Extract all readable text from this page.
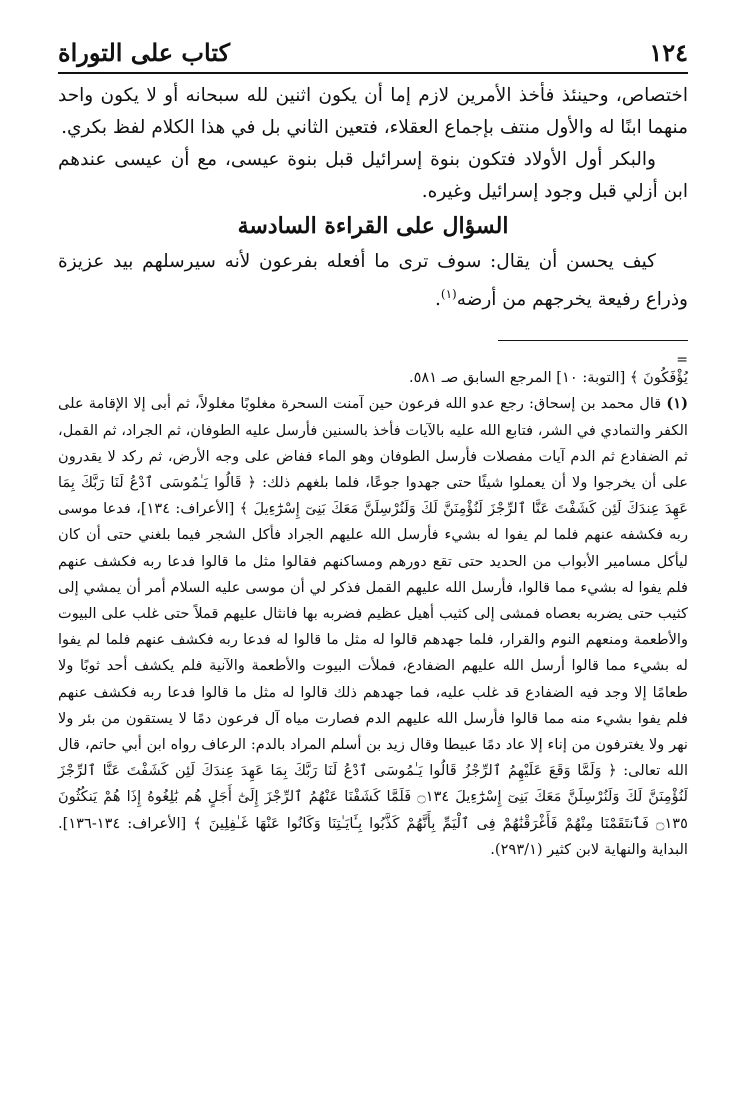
١٢٤
كتاب على التوراة

اختصاص، وحينئذ فأخذ الأمرين لازم إما أن يكون اثنين لله سبحانه أو لا يكون واحد منهما ابنًا له والأول منتف بإجماع العقلاء، فتعين الثاني بل في هذا الكلام لفظ بكري.

والبكر أول الأولاد فتكون بنوة إسرائيل قبل بنوة عيسى، مع أن عيسى عندهم ابن أزلي قبل وجود إسرائيل وغيره.

السؤال على القراءة السادسة

كيف يحسن أن يقال: سوف ترى ما أفعله بفرعون لأنه سيرسلهم بيد عزيزة وذراع رفيعة يخرجهم من أرضه$^{(١)}$.

=

يُؤْفَكُونَ ﴾ [التوبة: ١٠] المرجع السابق صـ ٥٨١.

(١) قال محمد بن إسحاق: رجع عدو الله فرعون حين آمنت السحرة مغلوبًا مغلولاً، ثم أبى إلا الإقامة على الكفر والتمادي في الشر، فتابع الله عليه بالآيات فأخذ بالسنين فأرسل عليه الطوفان، ثم الجراد، ثم القمل، ثم الضفادع ثم الدم آيات مفصلات فأرسل الطوفان وهو الماء ففاض على وجه الأرض، ثم ركد لا يقدرون على أن يخرجوا ولا أن يعملوا شيئًا حتى جهدوا جوعًا، فلما بلغهم ذلك: ﴿ قَالُوا يَـٰمُوسَى ٱدْعُ لَنَا رَبَّكَ بِمَا عَهِدَ عِندَكَ لَئِن كَشَفْتَ عَنَّا ٱلرِّجْزَ لَنُؤْمِنَنَّ لَكَ وَلَنُرْسِلَنَّ مَعَكَ بَنِىٓ إِسْرَٰٓءِيلَ ﴾ [الأعراف: ١٣٤]، فدعا موسى ربه فكشفه عنهم فلما لم يفوا له بشيء فأرسل الله عليهم الجراد فأكل الشجر فيما بلغني حتى أن كان ليأكل مسامير الأبواب من الحديد حتى تقع دورهم ومساكنهم فقالوا مثل ما قالوا فدعا ربه فكشف عنهم فلم يفوا له بشيء مما قالوا، فأرسل الله عليهم القمل فذكر لي أن موسى عليه السلام أمر أن يمشي إلى كثيب حتى يضربه بعصاه فمشى إلى كثيب أهيل عظيم فضربه بها فانثال عليهم قملاً حتى غلب على البيوت والأطعمة ومنعهم النوم والقرار، فلما جهدهم قالوا له مثل ما قالوا له فدعا ربه فكشف عنهم فلما لم يفوا له بشيء مما قالوا أرسل الله عليهم الضفادع، فملأت البيوت والأطعمة والآنية فلم يكشف أحد ثوبًا ولا طعامًا إلا وجد فيه الضفادع قد غلب عليه، فما جهدهم ذلك قالوا له مثل ما قالوا فدعا ربه فكشف عنهم فلم يفوا بشيء منه مما قالوا فأرسل الله عليهم الدم فصارت مياه آل فرعون دمًا لا يستقون من بئر ولا نهر ولا يغترفون من إناء إلا عاد دمًا عبيطا وقال زيد بن أسلم المراد بالدم: الرعاف رواه ابن أبي حاتم، قال الله تعالى: ﴿ وَلَمَّا وَقَعَ عَلَيْهِمُ ٱلرِّجْزُ قَالُوا يَـٰمُوسَى ٱدْعُ لَنَا رَبَّكَ بِمَا عَهِدَ عِندَكَ لَئِن كَشَفْتَ عَنَّا ٱلرِّجْزَ لَنُؤْمِنَنَّ لَكَ وَلَنُرْسِلَنَّ مَعَكَ بَنِىٓ إِسْرَٰٓءِيلَ ۝١٣٤ فَلَمَّا كَشَفْنَا عَنْهُمُ ٱلرِّجْزَ إِلَىٰٓ أَجَلٍ هُم بَٰلِغُوهُ إِذَا هُمْ يَنكُثُونَ ۝١٣٥ فَٱنتَقَمْنَا مِنْهُمْ فَأَغْرَقْنَٰهُمْ فِى ٱلْيَمِّ بِأَنَّهُمْ كَذَّبُوا بِـَٔايَـٰتِنَا وَكَانُوا عَنْهَا غَـٰفِلِينَ ﴾ [الأعراف: ١٣٤-١٣٦]. البداية والنهاية لابن كثير (٢٩٣/١).
